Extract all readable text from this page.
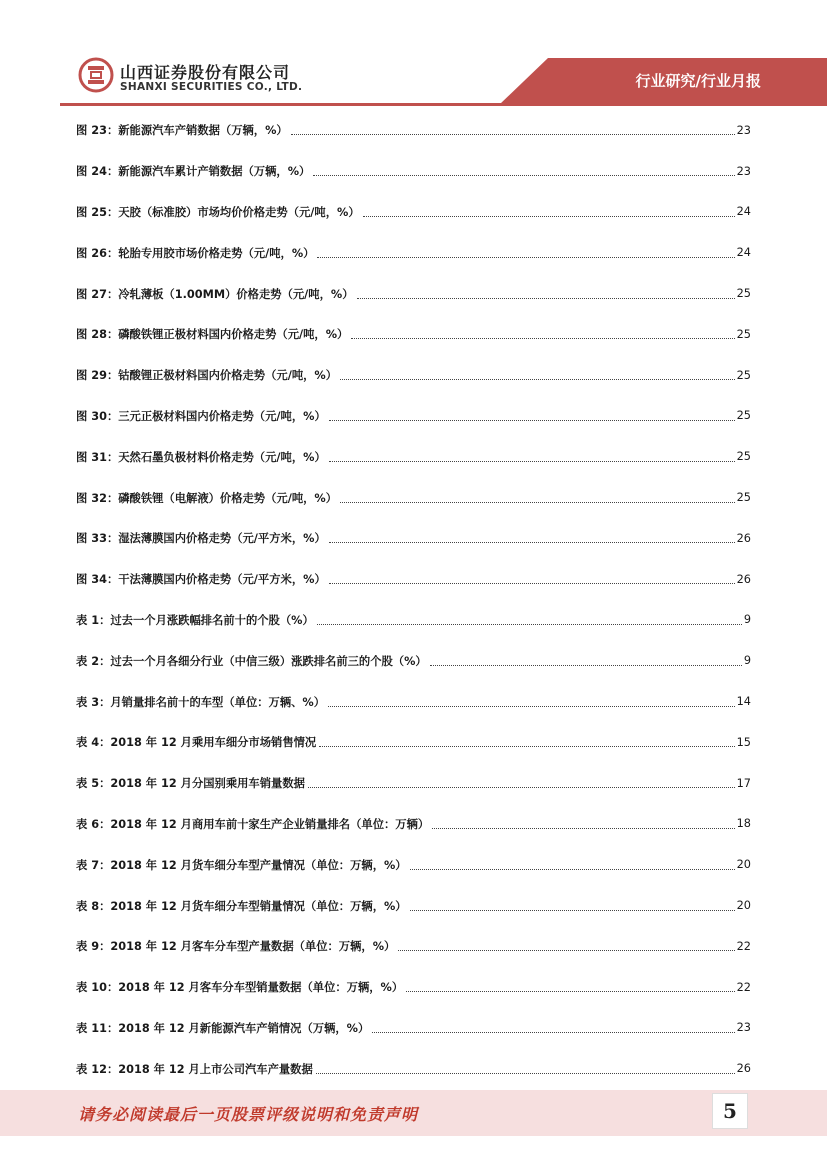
山西证券股份有限公司
SHANXI SECURITIES CO., LTD.	行业研究/行业月报
图 23：新能源汽车产销数据（万辆，%）	23
图 24：新能源汽车累计产销数据（万辆，%）	23
图 25：天胶（标准胶）市场均价价格走势（元/吨，%）	24
图 26：轮胎专用胶市场价格走势（元/吨，%）	24
图 27：冷轧薄板（1.00MM）价格走势（元/吨，%）	25
图 28：磷酸铁锂正极材料国内价格走势（元/吨，%）	25
图 29：钴酸锂正极材料国内价格走势（元/吨，%）	25
图 30：三元正极材料国内价格走势（元/吨，%）	25
图 31：天然石墨负极材料价格走势（元/吨，%）	25
图 32：磷酸铁锂（电解液）价格走势（元/吨，%）	25
图 33：湿法薄膜国内价格走势（元/平方米，%）	26
图 34：干法薄膜国内价格走势（元/平方米，%）	26
表 1：过去一个月涨跌幅排名前十的个股（%）	9
表 2：过去一个月各细分行业（中信三级）涨跌排名前三的个股（%）	9
表 3：月销量排名前十的车型（单位：万辆、%）	14
表 4：2018 年 12 月乘用车细分市场销售情况	15
表 5：2018 年 12 月分国别乘用车销量数据	17
表 6：2018 年 12 月商用车前十家生产企业销量排名（单位：万辆）	18
表 7：2018 年 12 月货车细分车型产量情况（单位：万辆，%）	20
表 8：2018 年 12 月货车细分车型销量情况（单位：万辆，%）	20
表 9：2018 年 12 月客车分车型产量数据（单位：万辆，%）	22
表 10：2018 年 12 月客车分车型销量数据（单位：万辆，%）	22
表 11：2018 年 12 月新能源汽车产销情况（万辆，%）	23
表 12：2018 年 12 月上市公司汽车产量数据	26
请务必阅读最后一页股票评级说明和免责声明	5
